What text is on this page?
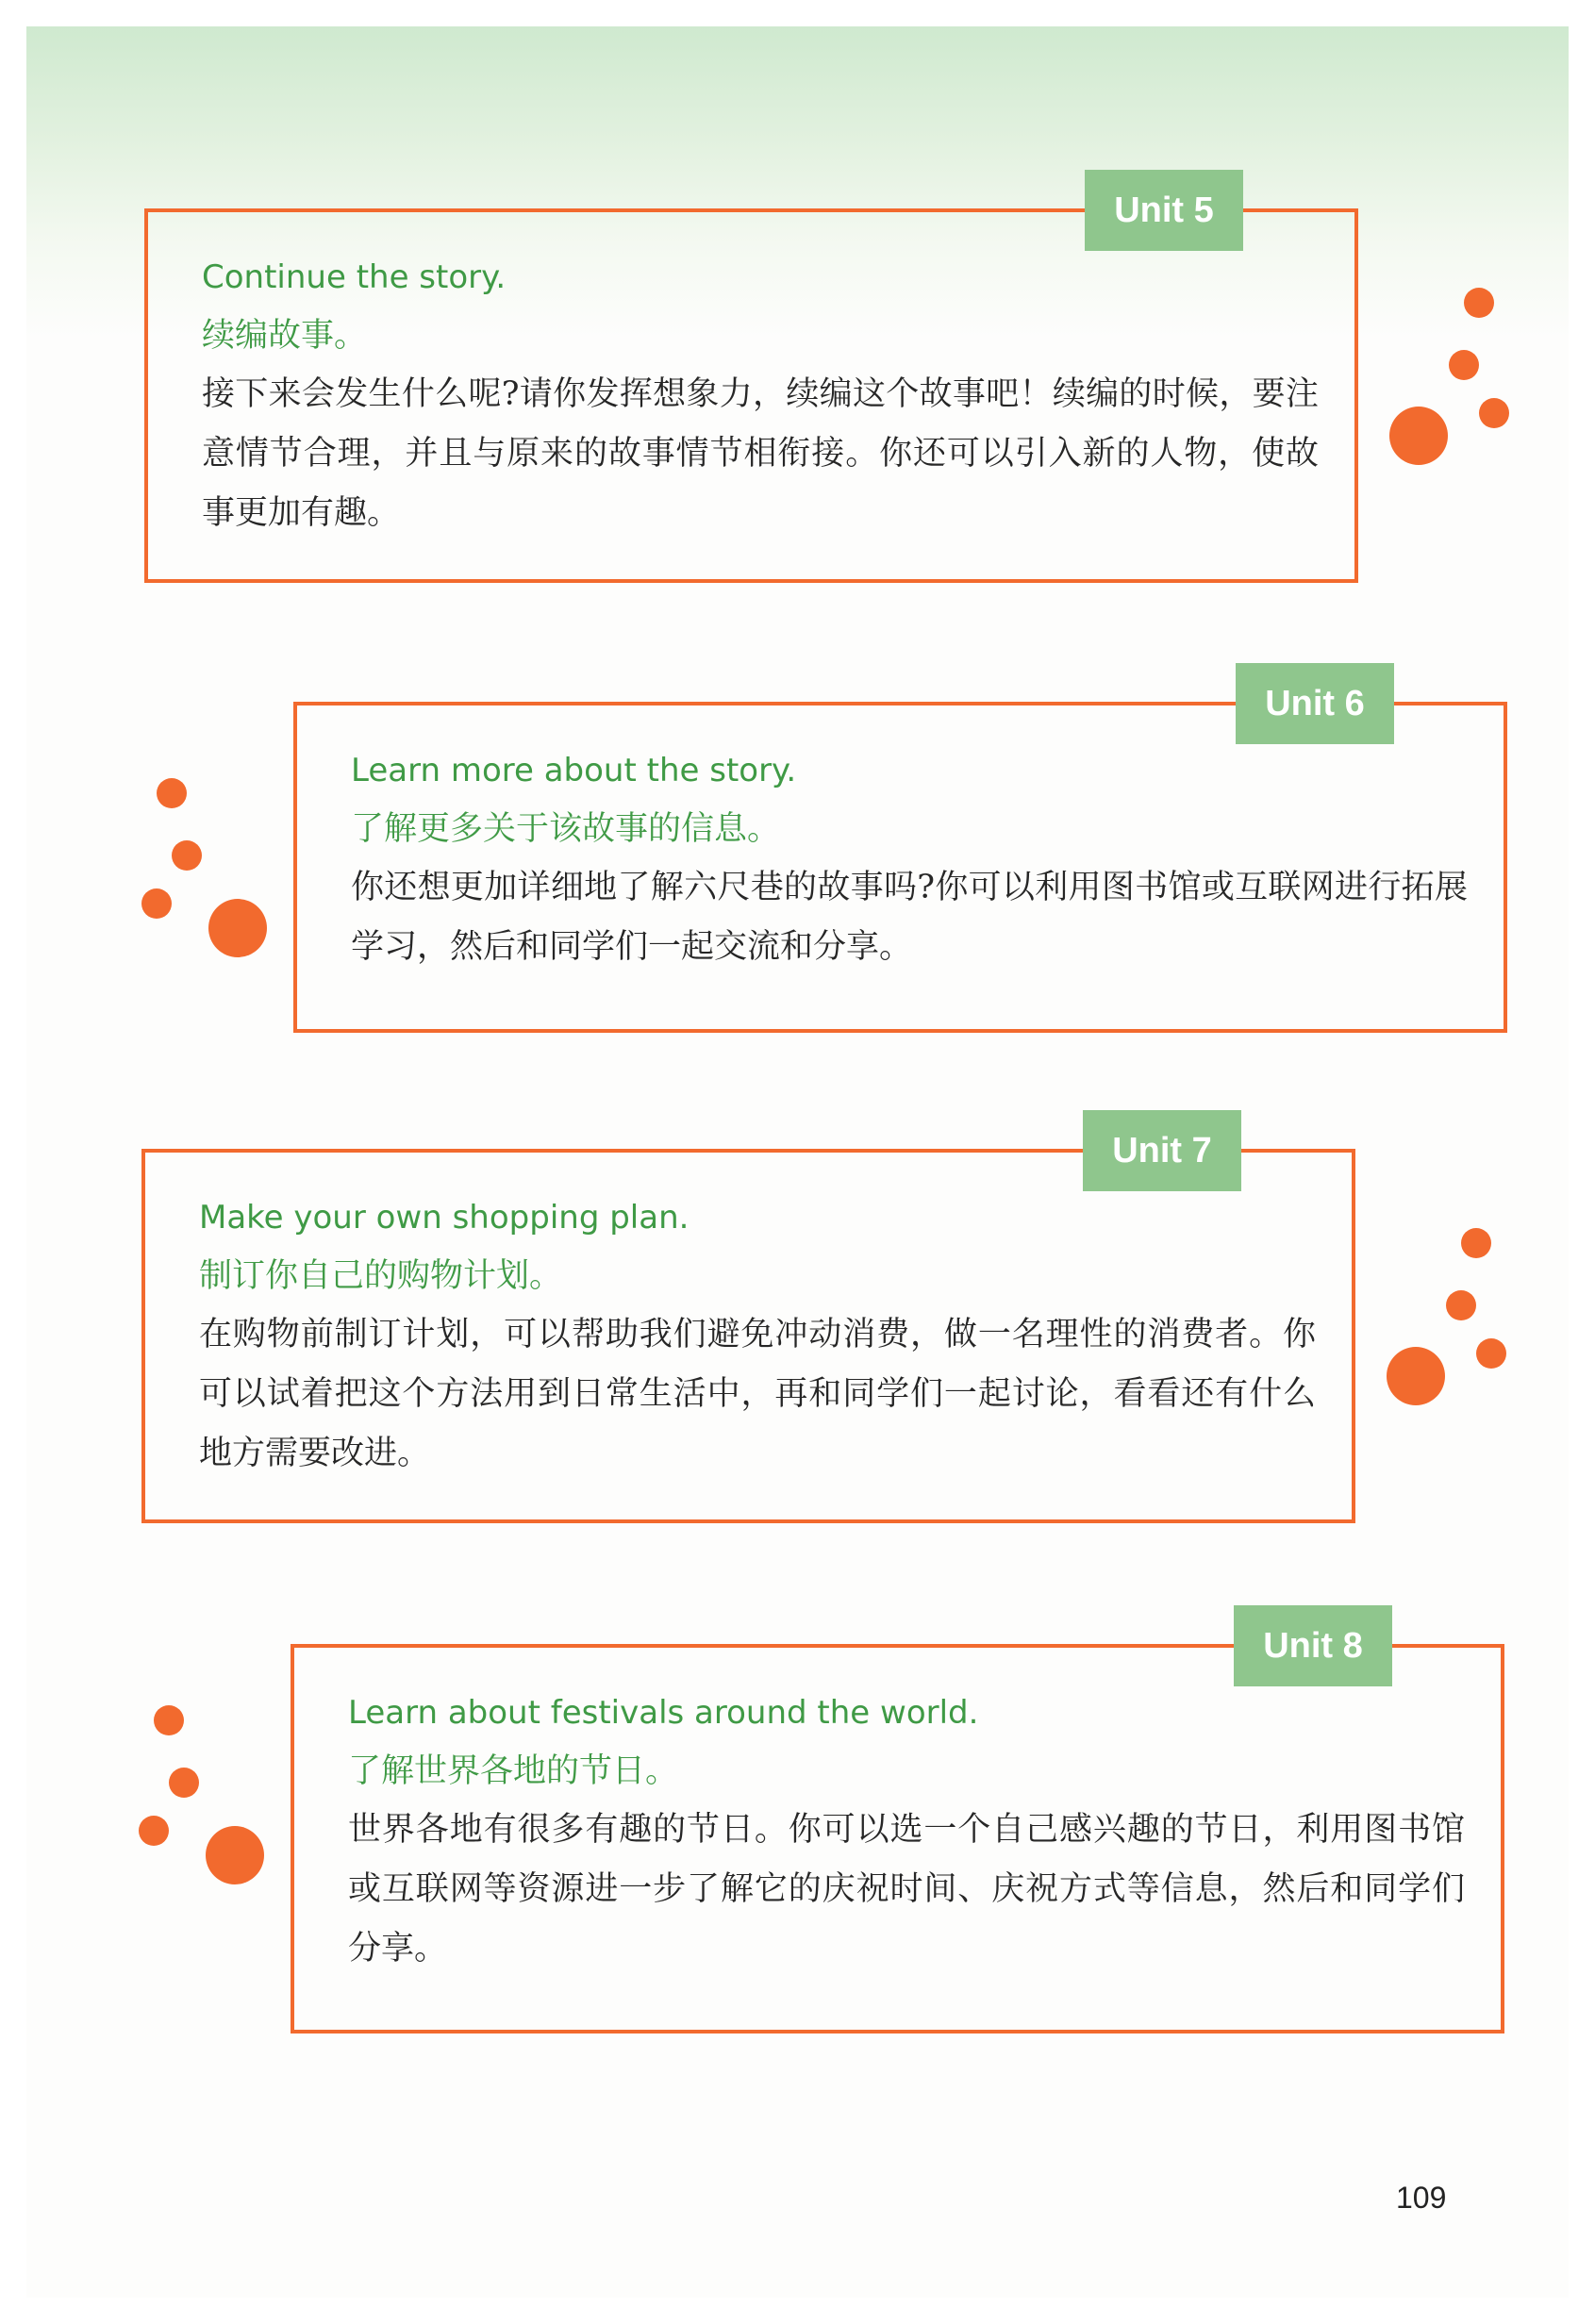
Unit 5
Continue the story.
续编故事。
接下来会发生什么呢?请你发挥想象力，续编这个故事吧！续编的时候，要注意情节合理，并且与原来的故事情节相衔接。你还可以引入新的人物，使故事更加有趣。
Unit 6
Learn more about the story.
了解更多关于该故事的信息。
你还想更加详细地了解六尺巷的故事吗?你可以利用图书馆或互联网进行拓展学习，然后和同学们一起交流和分享。
Unit 7
Make your own shopping plan.
制订你自己的购物计划。
在购物前制订计划，可以帮助我们避免冲动消费，做一名理性的消费者。你可以试着把这个方法用到日常生活中，再和同学们一起讨论，看看还有什么地方需要改进。
Unit 8
Learn about festivals around the world.
了解世界各地的节日。
世界各地有很多有趣的节日。你可以选一个自己感兴趣的节日，利用图书馆或互联网等资源进一步了解它的庆祝时间、庆祝方式等信息，然后和同学们分享。
109
